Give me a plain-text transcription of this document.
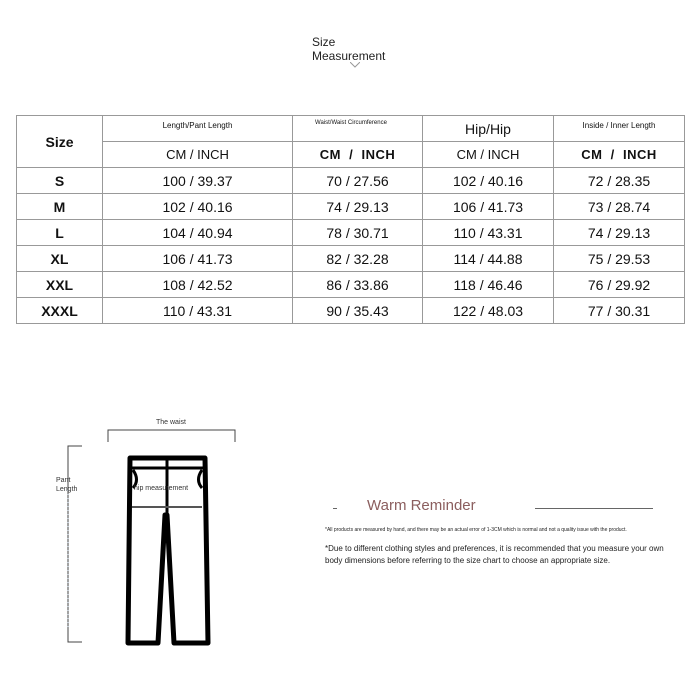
Size
Measurement
Size	Length/Pant Length	Waist/Waist Circumference	Hip/Hip	Inside / Inner Length
	CM / INCH	CM  /  INCH	CM / INCH	CM  /  INCH
S	100 / 39.37	70 / 27.56	102 / 40.16	72 / 28.35
M	102 / 40.16	74 / 29.13	106 / 41.73	73 / 28.74
L	104 / 40.94	78 / 30.71	110 / 43.31	74 / 29.13
XL	106 / 41.73	82 / 32.28	114 / 44.88	75 / 29.53
XXL	108 / 42.52	86 / 33.86	118 / 46.46	76 / 29.92
XXXL	110 / 43.31	90 / 35.43	122 / 48.03	77 / 30.31
The waist
Pant Length	hip measurement
Warm Reminder
*All products are measured by hand, and there may be an actual error of 1-3CM which is normal and not a quality issue with the product.
*Due to different clothing styles and preferences, it is recommended that you measure your own body dimensions before referring to the size chart to choose an appropriate size.
